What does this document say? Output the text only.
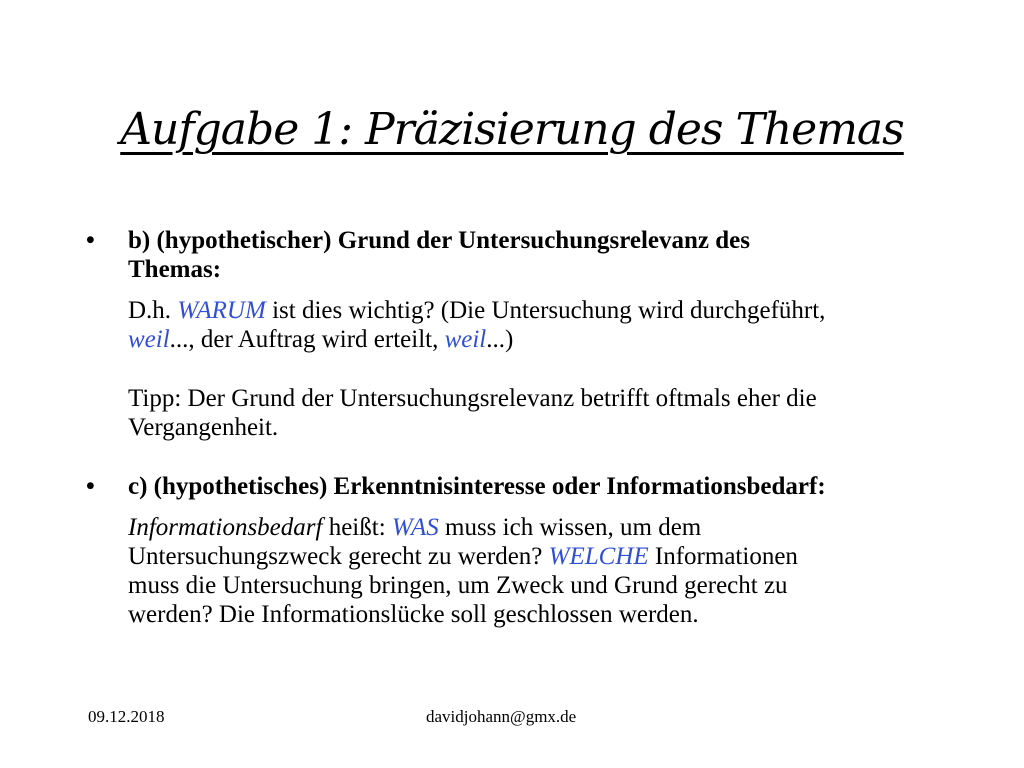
Aufgabe 1: Präzisierung des Themas
•	b) (hypothetischer) Grund der Untersuchungsrelevanz des
Themas:
D.h. WARUM ist dies wichtig? (Die Untersuchung wird durchgeführt,
weil..., der Auftrag wird erteilt, weil...)
Tipp: Der Grund der Untersuchungsrelevanz betrifft oftmals eher die
Vergangenheit.
•	c) (hypothetisches) Erkenntnisinteresse oder Informationsbedarf:
Informationsbedarf heißt: WAS muss ich wissen, um dem
Untersuchungszweck gerecht zu werden? WELCHE Informationen
muss die Untersuchung bringen, um Zweck und Grund gerecht zu
werden? Die Informationslücke soll geschlossen werden.
09.12.2018	davidjohann@gmx.de
